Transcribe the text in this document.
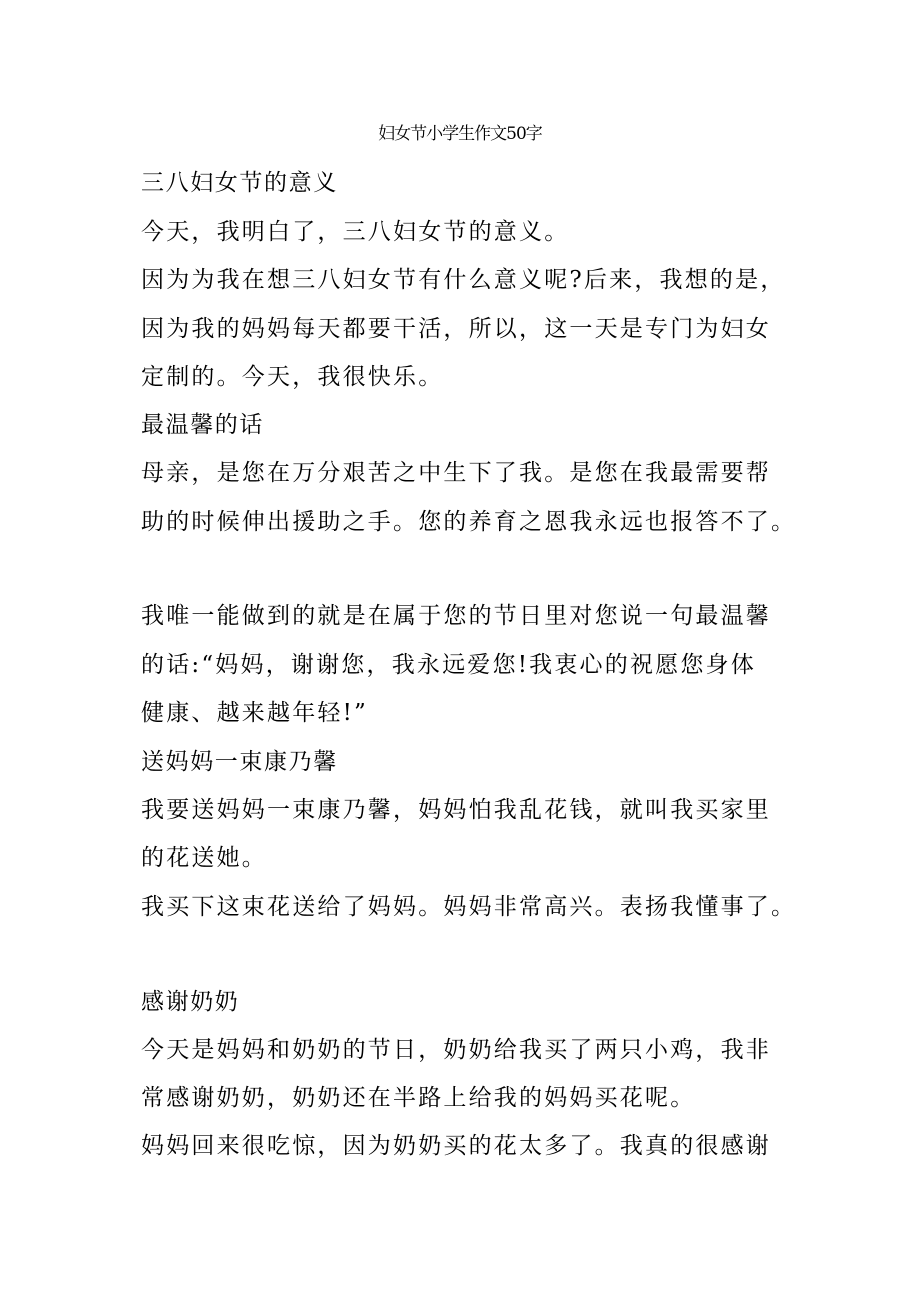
妇女节小学生作文50字
三八妇女节的意义
今天，我明白了，三八妇女节的意义。
因为为我在想三八妇女节有什么意义呢?后来，我想的是，
因为我的妈妈每天都要干活，所以，这一天是专门为妇女
定制的。今天，我很快乐。
最温馨的话
母亲，是您在万分艰苦之中生下了我。是您在我最需要帮
助的时候伸出援助之手。您的养育之恩我永远也报答不了。
我唯一能做到的就是在属于您的节日里对您说一句最温馨
的话:“妈妈，谢谢您，我永远爱您!我衷心的祝愿您身体
健康、越来越年轻!”
送妈妈一束康乃馨
我要送妈妈一束康乃馨，妈妈怕我乱花钱，就叫我买家里
的花送她。
我买下这束花送给了妈妈。妈妈非常高兴。表扬我懂事了。
感谢奶奶
今天是妈妈和奶奶的节日，奶奶给我买了两只小鸡，我非
常感谢奶奶，奶奶还在半路上给我的妈妈买花呢。
妈妈回来很吃惊，因为奶奶买的花太多了。我真的很感谢
